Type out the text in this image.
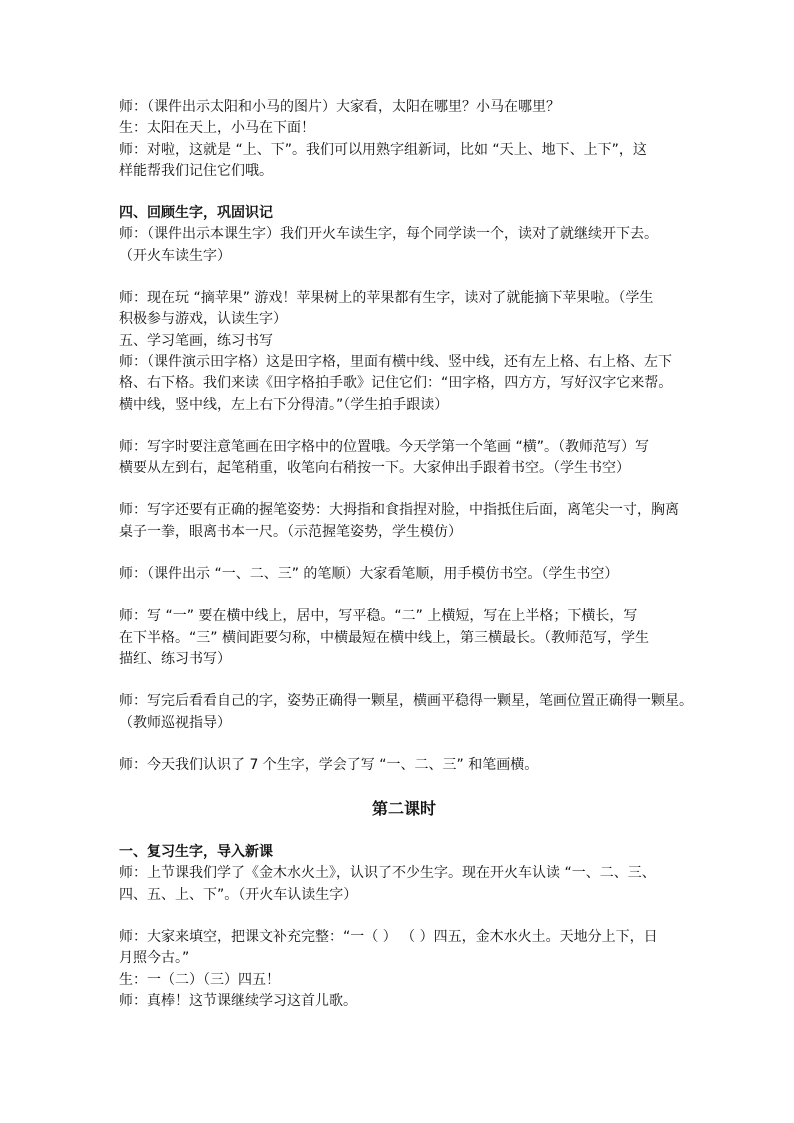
师：（课件出示太阳和小马的图片）大家看，太阳在哪里？小马在哪里？
生：太阳在天上，小马在下面！
师：对啦，这就是 “上、下”。我们可以用熟字组新词，比如 “天上、地下、上下”，这
样能帮我们记住它们哦。
四、回顾生字，巩固识记
师：（课件出示本课生字）我们开火车读生字，每个同学读一个，读对了就继续开下去。
（开火车读生字）
师：现在玩 “摘苹果” 游戏！苹果树上的苹果都有生字，读对了就能摘下苹果啦。（学生
积极参与游戏，认读生字）
五、学习笔画，练习书写
师：（课件演示田字格）这是田字格，里面有横中线、竖中线，还有左上格、右上格、左下
格、右下格。我们来读《田字格拍手歌》记住它们：“田字格，四方方，写好汉字它来帮。
横中线，竖中线，左上右下分得清。”（学生拍手跟读）
师：写字时要注意笔画在田字格中的位置哦。今天学第一个笔画 “横”。（教师范写）写
横要从左到右，起笔稍重，收笔向右稍按一下。大家伸出手跟着书空。（学生书空）
师：写字还要有正确的握笔姿势：大拇指和食指捏对脸，中指抵住后面，离笔尖一寸，胸离
桌子一拳，眼离书本一尺。（示范握笔姿势，学生模仿）
师：（课件出示 “一、二、三” 的笔顺）大家看笔顺，用手模仿书空。（学生书空）
师：写 “一” 要在横中线上，居中，写平稳。“二” 上横短，写在上半格；下横长，写
在下半格。“三” 横间距要匀称，中横最短在横中线上，第三横最长。（教师范写，学生
描红、练习书写）
师：写完后看看自己的字，姿势正确得一颗星，横画平稳得一颗星，笔画位置正确得一颗星。
（教师巡视指导）
师：今天我们认识了 7 个生字，学会了写 “一、二、三” 和笔画横。
第二课时
一、复习生字，导入新课
师：上节课我们学了《金木水火土》，认识了不少生字。现在开火车认读 “一、二、三、
四、五、上、下”。（开火车认读生字）
师：大家来填空，把课文补充完整：“一（ ） （ ）四五，金木水火土。天地分上下，日
月照今古。”
生：一（二）（三）四五！
师：真棒！这节课继续学习这首儿歌。
